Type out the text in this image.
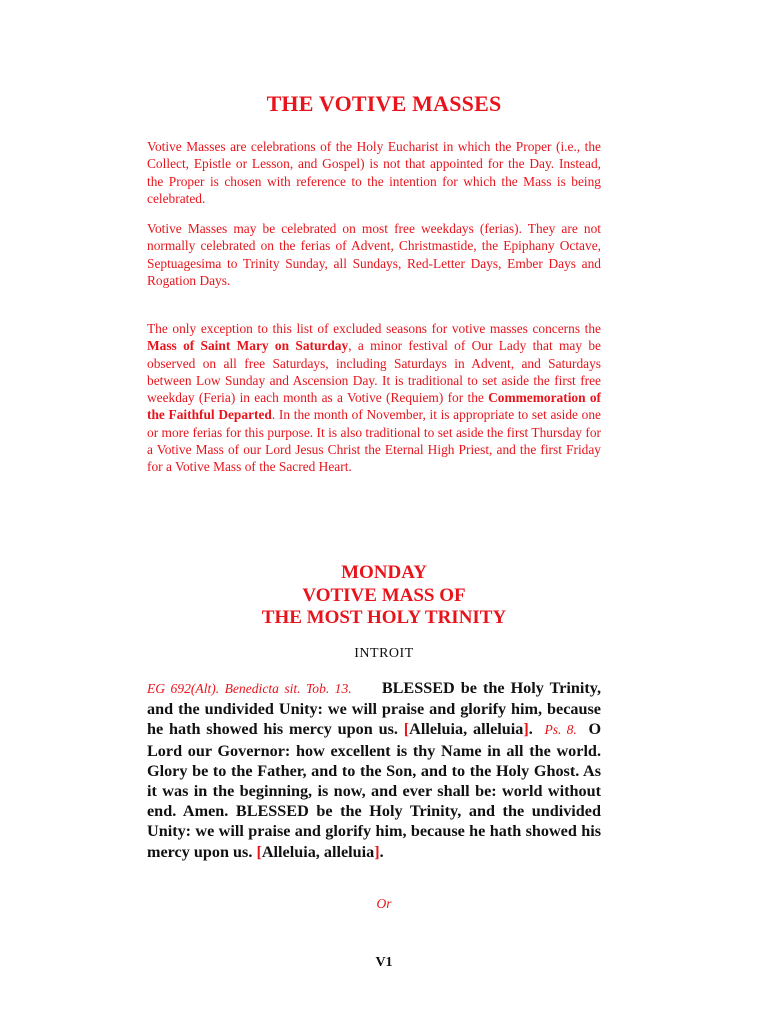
THE VOTIVE MASSES

Votive Masses are celebrations of the Holy Eucharist in which the Proper (i.e., the Collect, Epistle or Lesson, and Gospel) is not that appointed for the Day. Instead, the Proper is chosen with reference to the intention for which the Mass is being celebrated.

Votive Masses may be celebrated on most free weekdays (ferias). They are not normally celebrated on the ferias of Advent, Christmastide, the Epiphany Octave, Septuagesima to Trinity Sunday, all Sundays, Red-Letter Days, Ember Days and Rogation Days.

The only exception to this list of excluded seasons for votive masses concerns the Mass of Saint Mary on Saturday, a minor festival of Our Lady that may be observed on all free Saturdays, including Saturdays in Advent, and Saturdays between Low Sunday and Ascension Day. It is traditional to set aside the first free weekday (Feria) in each month as a Votive (Requiem) for the Commemoration of the Faithful Departed. In the month of November, it is appropriate to set aside one or more ferias for this purpose. It is also traditional to set aside the first Thursday for a Votive Mass of our Lord Jesus Christ the Eternal High Priest, and the first Friday for a Votive Mass of the Sacred Heart.

MONDAY
VOTIVE MASS OF
THE MOST HOLY TRINITY
INTROIT

EG 692(Alt). Benedicta sit. Tob. 13. BLESSED be the Holy Trinity, and the undivided Unity: we will praise and glorify him, because he hath showed his mercy upon us. [Alleluia, alleluia]. Ps. 8. O Lord our Governor: how excellent is thy Name in all the world. Glory be to the Father, and to the Son, and to the Holy Ghost. As it was in the beginning, is now, and ever shall be: world without end. Amen. BLESSED be the Holy Trinity, and the undivided Unity: we will praise and glorify him, because he hath showed his mercy upon us. [Alleluia, alleluia].

Or
V1
